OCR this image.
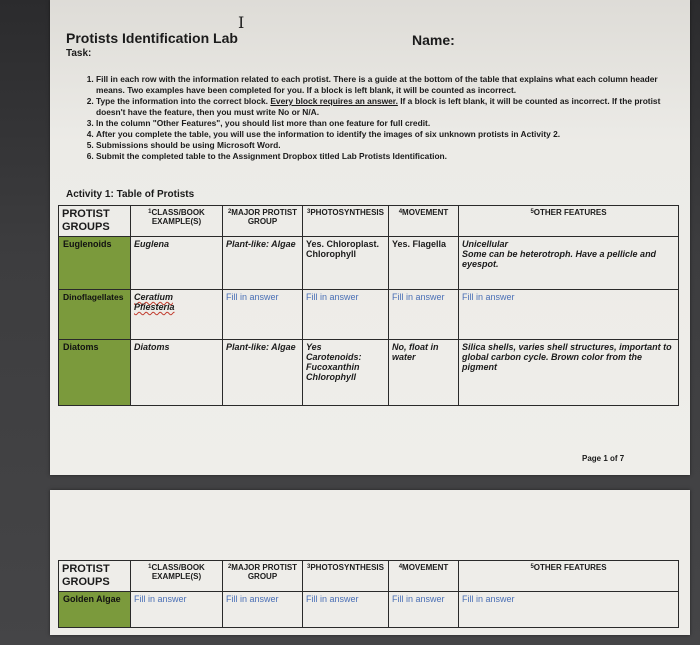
I
Protists Identification Lab	Name:
Task:
1. Fill in each row with the information related to each protist. There is a guide at the bottom of the table that explains what each column header means. Two examples have been completed for you. If a block is left blank, it will be counted as incorrect.
2. Type the information into the correct block. Every block requires an answer. If a block is left blank, it will be counted as incorrect. If the protist doesn't have the feature, then you must write No or N/A.
3. In the column "Other Features", you should list more than one feature for full credit.
4. After you complete the table, you will use the information to identify the images of six unknown protists in Activity 2.
5. Submissions should be using Microsoft Word.
6. Submit the completed table to the Assignment Dropbox titled Lab Protists Identification.
Activity 1: Table of Protists
PROTIST GROUPS	$^1$CLASS/BOOK EXAMPLE(S)	$^2$MAJOR PROTIST GROUP	$^3$PHOTOSYNTHESIS	$^4$MOVEMENT	$^5$OTHER FEATURES
Euglenoids	Euglena	Plant-like: Algae	Yes. Chloroplast. Chlorophyll	Yes. Flagella	Unicellular
Some can be heterotroph. Have a pellicle and eyespot.
Dinoflagellates	Ceratium
Pfiesteria	Fill in answer	Fill in answer	Fill in answer	Fill in answer
Diatoms	Diatoms	Plant-like: Algae	Yes
Carotenoids:
Fucoxanthin
Chlorophyll	No, float in water	Silica shells, varies shell structures, important to global carbon cycle. Brown color from the pigment
Page 1 of 7
PROTIST GROUPS	$^1$CLASS/BOOK EXAMPLE(S)	$^2$MAJOR PROTIST GROUP	$^3$PHOTOSYNTHESIS	$^4$MOVEMENT	$^5$OTHER FEATURES
Golden Algae	Fill in answer	Fill in answer	Fill in answer	Fill in answer	Fill in answer
